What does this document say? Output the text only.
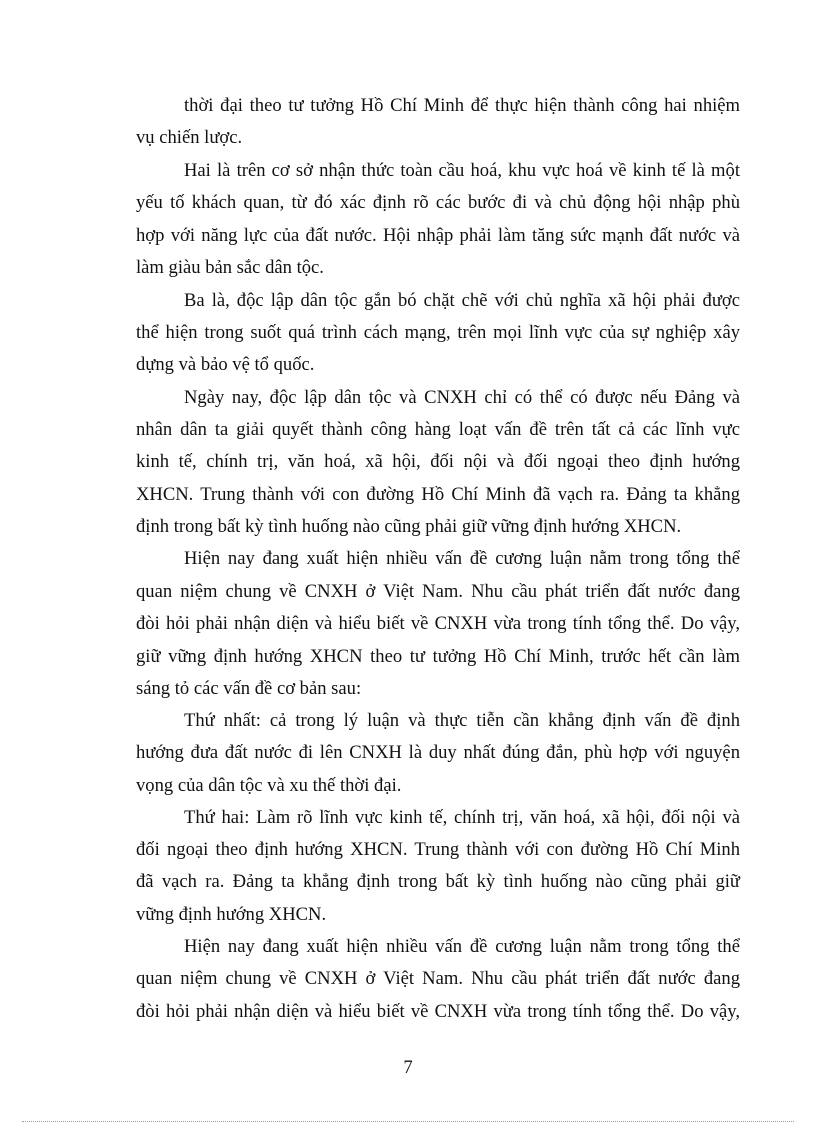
thời đại theo tư tưởng Hồ Chí Minh để thực hiện thành công hai nhiệm
vụ chiến lược.
Hai là trên cơ sở nhận thức toàn cầu hoá, khu vực hoá về kinh tế là một
yếu tố khách quan, từ đó xác định rõ các bước đi và chủ động hội nhập phù
hợp với năng lực của đất nước. Hội nhập phải làm tăng sức mạnh đất nước và
làm giàu bản sắc dân tộc.
Ba là, độc lập dân tộc gắn bó chặt chẽ với chủ nghĩa xã hội phải được
thể hiện trong suốt quá trình cách mạng, trên mọi lĩnh vực của sự nghiệp xây
dựng và bảo vệ tổ quốc.
Ngày nay, độc lập dân tộc và CNXH chỉ có thể có được nếu Đảng và
nhân dân ta giải quyết thành công hàng loạt vấn đề trên tất cả các lĩnh vực
kinh tế, chính trị, văn hoá, xã hội, đối nội và đối ngoại theo định hướng
XHCN. Trung thành với con đường Hồ Chí Minh đã vạch ra. Đảng ta khẳng
định trong bất kỳ tình huống nào cũng phải giữ vững định hướng XHCN.
Hiện nay đang xuất hiện nhiều vấn đề cương luận nằm trong tổng thể
quan niệm chung về CNXH ở Việt Nam. Nhu cầu phát triển đất nước đang
đòi hỏi phải nhận diện và hiểu biết về CNXH vừa trong tính tổng thể. Do vậy,
giữ vững định hướng XHCN theo tư tưởng Hồ Chí Minh, trước hết cần làm
sáng tỏ các vấn đề cơ bản sau:
Thứ nhất: cả trong lý luận và thực tiễn cần khẳng định vấn đề định
hướng đưa đất nước đi lên CNXH là duy nhất đúng đắn, phù hợp với nguyện
vọng của dân tộc và xu thế thời đại.
Thứ hai: Làm rõ lĩnh vực kinh tế, chính trị, văn hoá, xã hội, đối nội và
đối ngoại theo định hướng XHCN. Trung thành với con đường Hồ Chí Minh
đã vạch ra. Đảng ta khẳng định trong bất kỳ tình huống nào cũng phải giữ
vững định hướng XHCN.
Hiện nay đang xuất hiện nhiều vấn đề cương luận nằm trong tổng thể
quan niệm chung về CNXH ở Việt Nam. Nhu cầu phát triển đất nước đang
đòi hỏi phải nhận diện và hiểu biết về CNXH vừa trong tính tổng thể. Do vậy,
7
